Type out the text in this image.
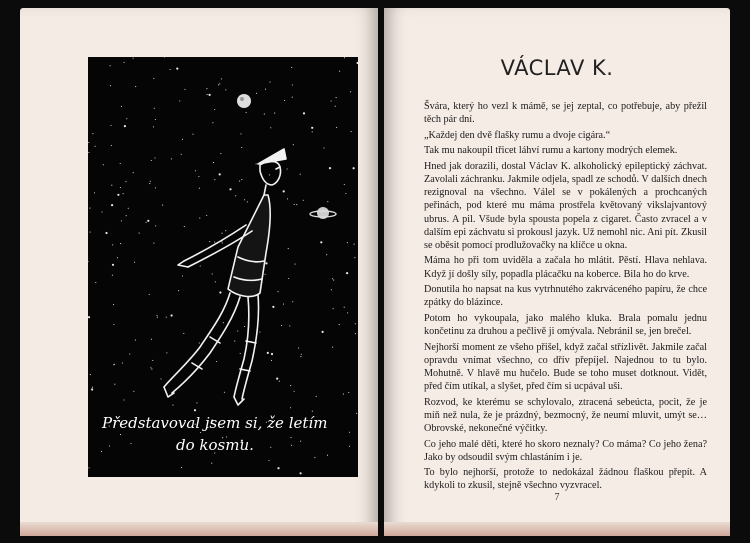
Představoval jsem si, že letím
do kosmu.
VÁCLAV K.

Švára, který ho vezl k mámě, se jej zeptal, co potřebuje, aby přežil těch pár dní.

„Každej den dvě flašky rumu a dvoje cigára.“

Tak mu nakoupil třicet láhví rumu a kartony modrých elemek.

Hned jak dorazili, dostal Václav K. alkoholický epileptický záchvat. Zavolali záchranku. Jakmile odjela, spadl ze schodů. V dalších dnech rezignoval na všechno. Válel se v pokálených a prochcaných peřinách, pod které mu máma prostřela květovaný vikslajvantový ubrus. A pil. Všude byla spousta popela z cigaret. Často zvracel a v dalším epi záchvatu si prokousl jazyk. Už nemohl nic. Ani pít. Zkusil se oběsit pomocí prodlužovačky na klíčce u okna.

Máma ho při tom uviděla a začala ho mlátit. Pěstí. Hlava nehlava. Když jí došly síly, popadla plácačku na koberce. Bila ho do krve.

Donutila ho napsat na kus vytrhnutého zakrváceného papíru, že chce zpátky do blázince.

Potom ho vykoupala, jako malého kluka. Brala pomalu jednu končetinu za druhou a pečlivě ji omývala. Nebránil se, jen brečel.

Nejhorší moment ze všeho přišel, když začal střízlivět. Jakmile začal opravdu vnímat všechno, co dřív přepíjel. Najednou to tu bylo. Mohutně. V hlavě mu hučelo. Bude se toho muset dotknout. Vidět, před čím utíkal, a slyšet, před čím si ucpával uši.

Rozvod, ke kterému se schylovalo, ztracená sebeúcta, pocit, že je míň než nula, že je prázdný, bezmocný, že neumí mluvit, umýt se… Obrovské, nekonečné výčitky.

Co jeho malé děti, které ho skoro neznaly? Co máma? Co jeho žena? Jako by odsoudil svým chlastáním i je.

To bylo nejhorší, protože to nedokázal žádnou flaškou přepít. A kdykoli to zkusil, stejně všechno vyzvracel.

7
